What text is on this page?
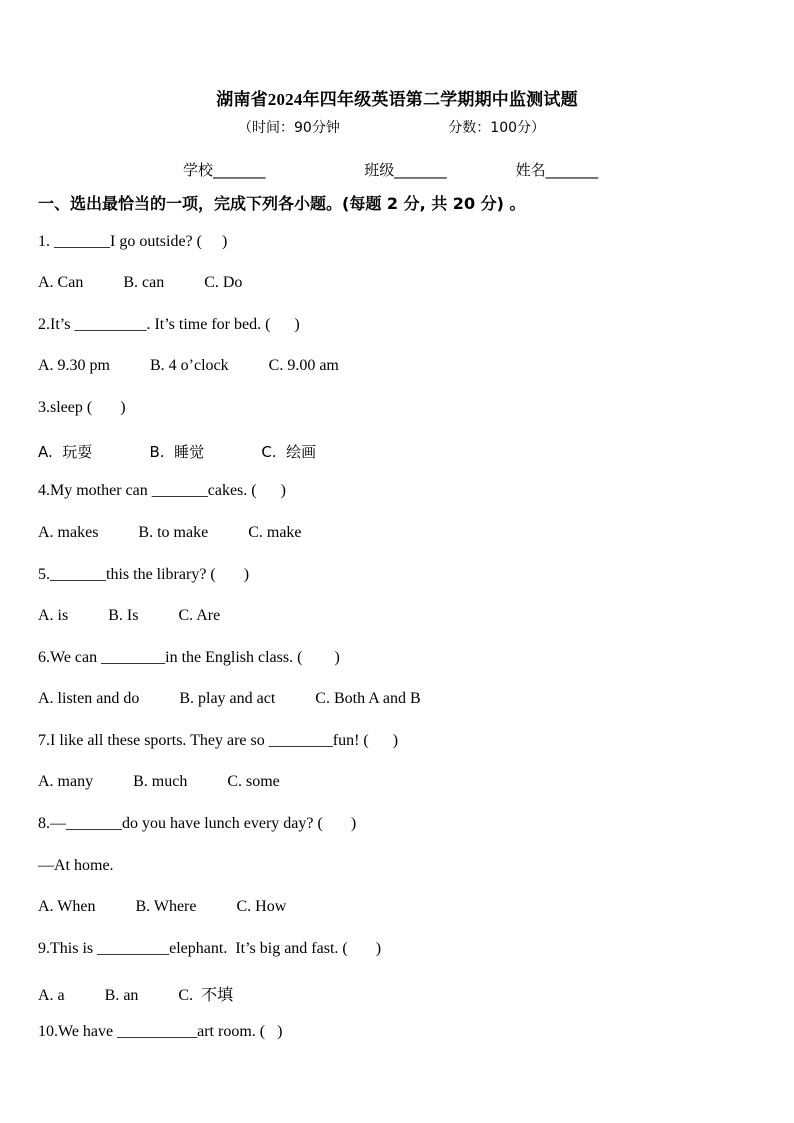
湖南省2024年四年级英语第二学期期中监测试题
（时间：90分钟	分数：100分）
学校_______	班级_______	姓名_______
一、选出最恰当的一项，完成下列各小题。(每题 2 分, 共 20 分) 。
1. _______I go outside? (     )
A. Can          B. can          C. Do
2.It’s _________. It’s time for bed. (      )
A. 9.30 pm          B. 4 o’clock          C. 9.00 am
3.sleep (       )
A.  玩耍            B.  睡觉            C.  绘画
4.My mother can _______cakes. (      )
A. makes          B. to make          C. make
5._______this the library? (       )
A. is          B. Is          C. Are
6.We can ________in the English class. (        )
A. listen and do          B. play and act          C. Both A and B
7.I like all these sports. They are so ________fun! (      )
A. many          B. much          C. some
8.—_______do you have lunch every day? (       )
—At home.
A. When          B. Where          C. How
9.This is _________elephant.  It’s big and fast. (       )
A. a          B. an          C.  不填
10.We have __________art room. (   )
